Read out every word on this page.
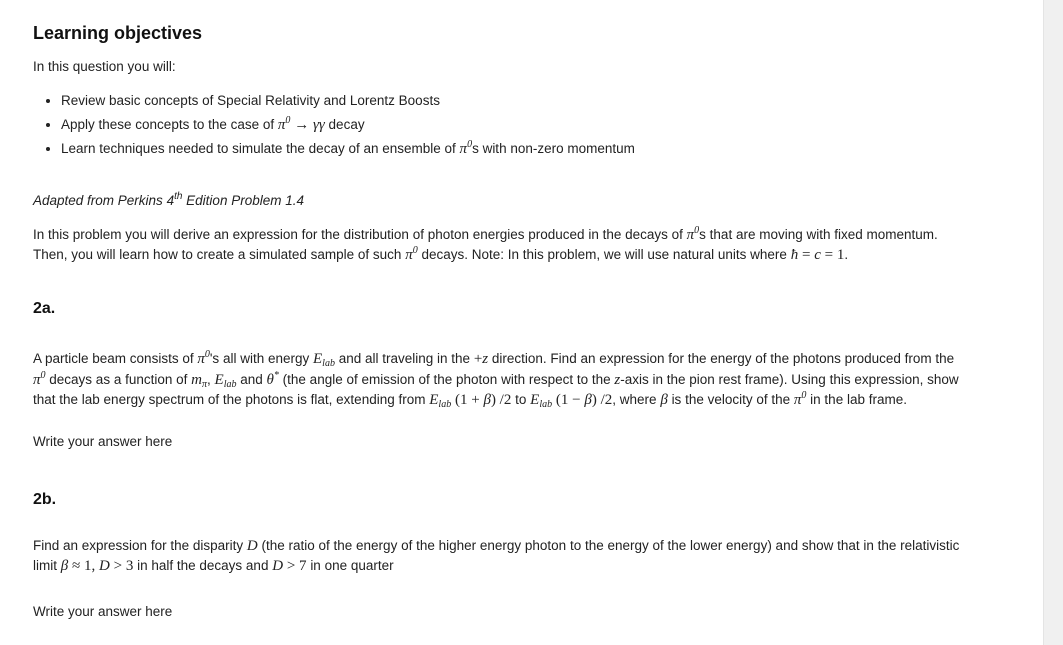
Learning objectives

In this question you will:

• Review basic concepts of Special Relativity and Lorentz Boosts
• Apply these concepts to the case of $\pi^0 \to \gamma\gamma$ decay
• Learn techniques needed to simulate the decay of an ensemble of $\pi^0s$ with non-zero momentum

Adapted from Perkins 4th Edition Problem 1.4

In this problem you will derive an expression for the distribution of photon energies produced in the decays of $\pi^0s$ that are moving with fixed momentum.

Then, you will learn how to create a simulated sample of such $\pi^0$ decays. Note: In this problem, we will use natural units where ħ = c = 1.

2a.

A particle beam consists of $\pi^0's$ all with energy $E_{lab}$ and all traveling in the +z direction. Find an expression for the energy of the photons produced from the

$\pi^0$ decays as a function of $m_\pi$, $E_{lab}$ and θ* (the angle of emission of the photon with respect to the z-axis in the pion rest frame). Using this expression, show

that the lab energy spectrum of the photons is flat, extending from $E_{lab}$ (1 + β) /2 to $E_{lab}$ (1 − β) /2, where β is the velocity of the $\pi^0$ in the lab frame.

Write your answer here
2b.

Find an expression for the disparity D (the ratio of the energy of the higher energy photon to the energy of the lower energy) and show that in the relativistic

limit β ≈ 1, D > 3 in half the decays and D > 7 in one quarter

Write your answer here
